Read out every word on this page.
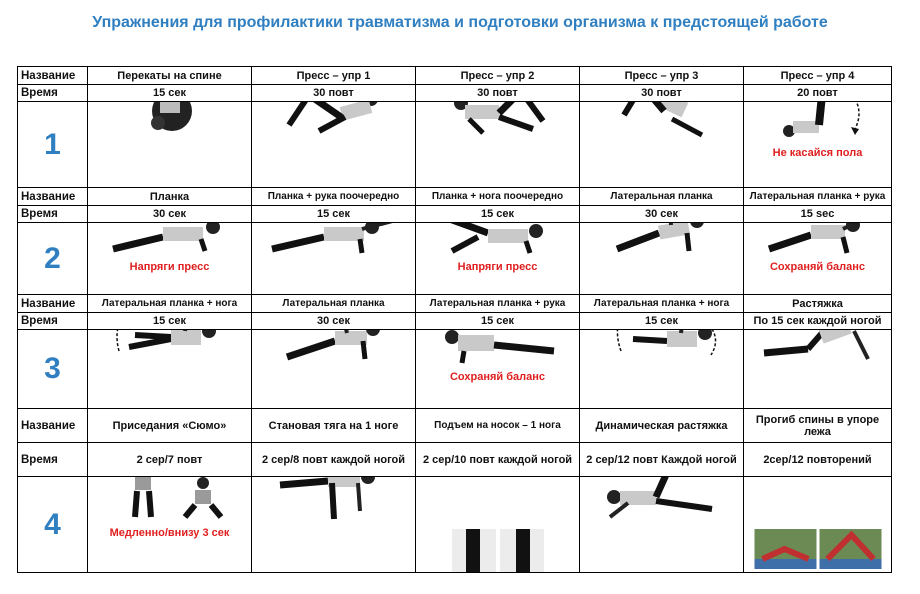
Упражнения для профилактики травматизма и подготовки организма к предстоящей работе
Название	Перекаты на спине	Пресс – упр 1	Пресс – упр 2	Пресс – упр 3	Пресс – упр 4
Время	15 сек	30 повт	30 повт	30 повт	20 повт
1					Не касайся пола

Название	Планка	Планка + рука поочередно	Планка + нога поочередно	Латеральная планка	Латеральная планка + рука
Время	30 сек	15 сек	15 сек	30 сек	15 sec
2	Напряги пресс		Напряги пресс		Сохраняй баланс

Название	Латеральная планка + нога	Латеральная планка	Латеральная планка + рука	Латеральная планка + нога	Растяжка
Время	15 сек	30 сек	15 сек	15 сек	По 15 сек каждой ногой
3			Сохраняй баланс

Название	Приседания «Сюмо»	Становая тяга на 1 ноге	Подъем на носок – 1 нога	Динамическая растяжка	Прогиб спины в упоре лежа
Время	2 сер/7 повт	2 сер/8 повт каждой ногой	2 сер/10 повт каждой ногой	2 сер/12 повт Каждой ногой	2сер/12 повторений
4	Медленно/внизу 3 сек
